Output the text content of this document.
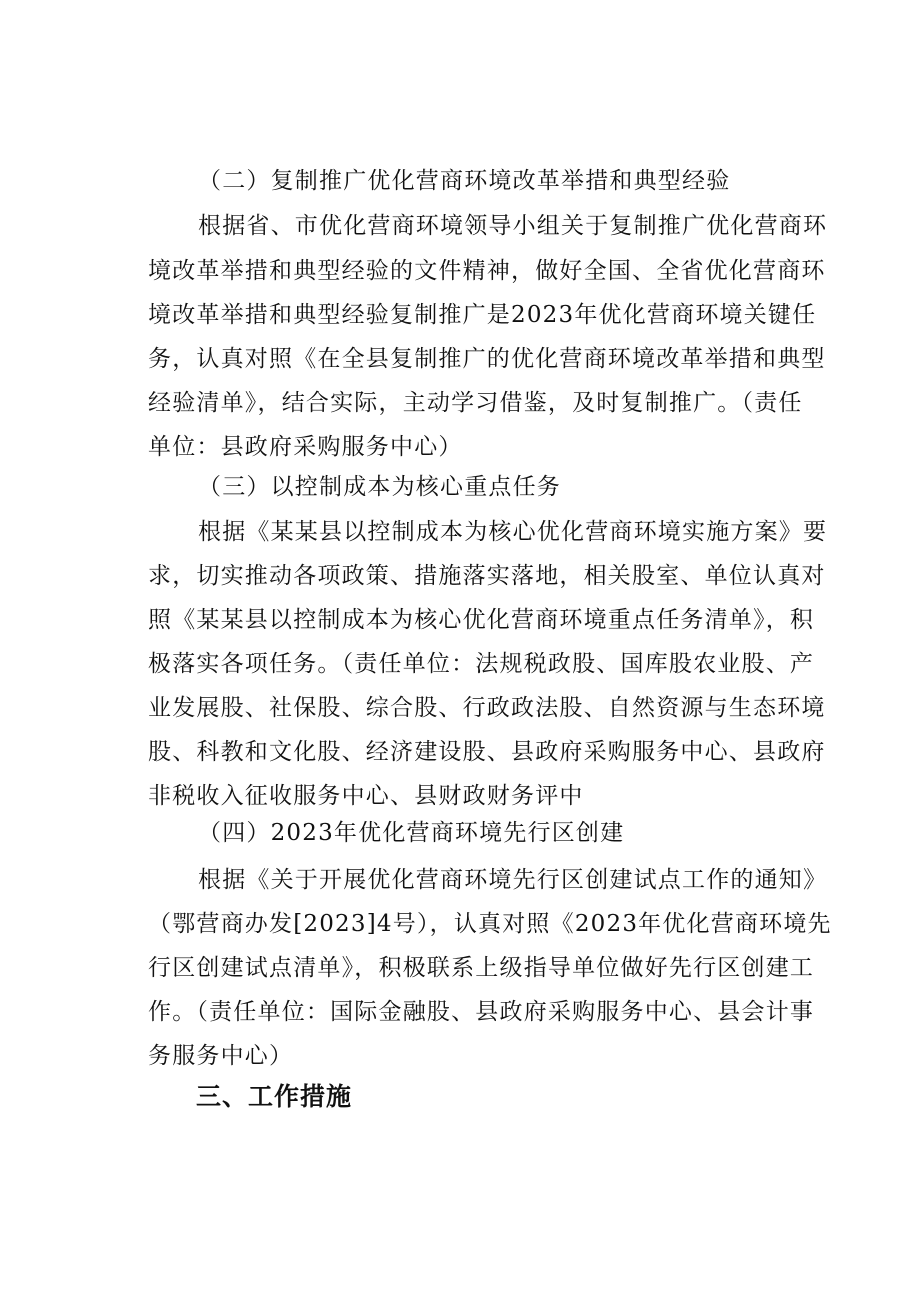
（二）复制推广优化营商环境改革举措和典型经验
根据省、市优化营商环境领导小组关于复制推广优化营商环
境改革举措和典型经验的文件精神，做好全国、全省优化营商环
境改革举措和典型经验复制推广是2023年优化营商环境关键任
务，认真对照《在全县复制推广的优化营商环境改革举措和典型
经验清单》，结合实际，主动学习借鉴，及时复制推广。（责任
单位：县政府采购服务中心）
（三）以控制成本为核心重点任务
根据《某某县以控制成本为核心优化营商环境实施方案》要
求，切实推动各项政策、措施落实落地，相关股室、单位认真对
照《某某县以控制成本为核心优化营商环境重点任务清单》，积
极落实各项任务。（责任单位：法规税政股、国库股农业股、产
业发展股、社保股、综合股、行政政法股、自然资源与生态环境
股、科教和文化股、经济建设股、县政府采购服务中心、县政府
非税收入征收服务中心、县财政财务评中
（四）2023年优化营商环境先行区创建
根据《关于开展优化营商环境先行区创建试点工作的通知》
（鄂营商办发[2023]4号），认真对照《2023年优化营商环境先
行区创建试点清单》，积极联系上级指导单位做好先行区创建工
作。（责任单位：国际金融股、县政府采购服务中心、县会计事
务服务中心）
三、工作措施
